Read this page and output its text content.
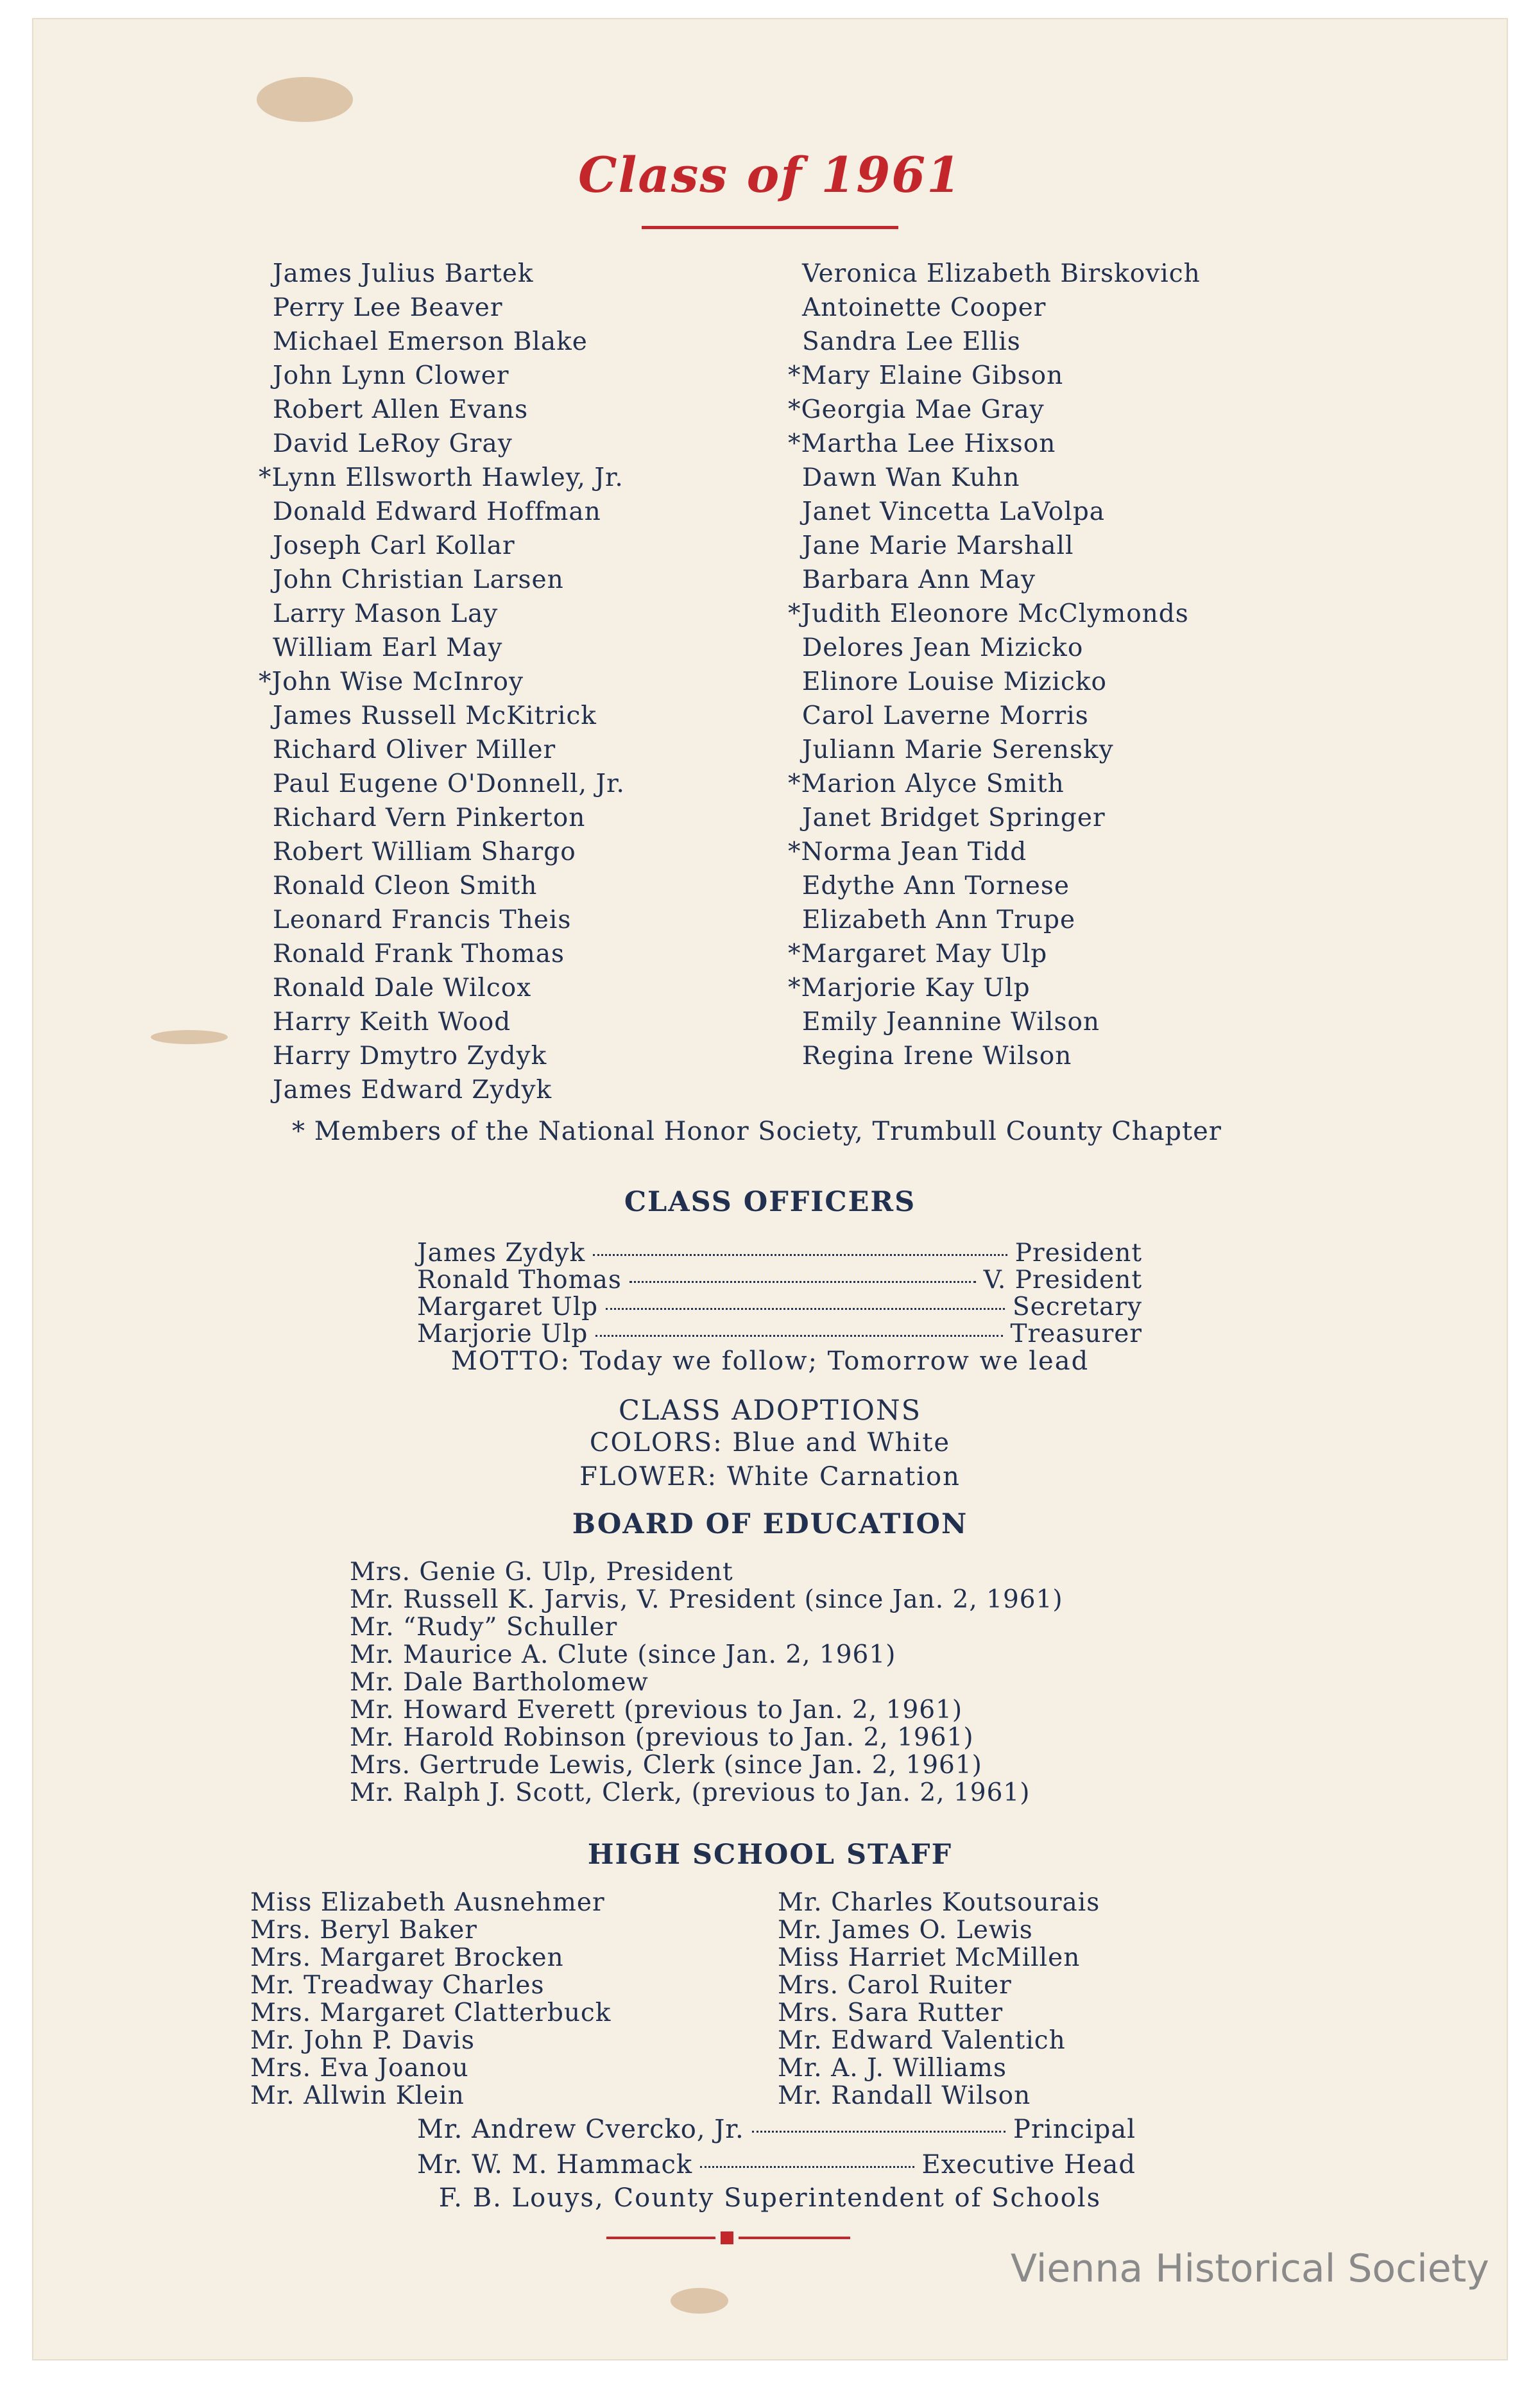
Class of 1961
James Julius Bartek
Perry Lee Beaver
Michael Emerson Blake
John Lynn Clower
Robert Allen Evans
David LeRoy Gray
*Lynn Ellsworth Hawley, Jr.
Donald Edward Hoffman
Joseph Carl Kollar
John Christian Larsen
Larry Mason Lay
William Earl May
*John Wise McInroy
James Russell McKitrick
Richard Oliver Miller
Paul Eugene O'Donnell, Jr.
Richard Vern Pinkerton
Robert William Shargo
Ronald Cleon Smith
Leonard Francis Theis
Ronald Frank Thomas
Ronald Dale Wilcox
Harry Keith Wood
Harry Dmytro Zydyk
James Edward Zydyk
Veronica Elizabeth Birskovich
Antoinette Cooper
Sandra Lee Ellis
*Mary Elaine Gibson
*Georgia Mae Gray
*Martha Lee Hixson
Dawn Wan Kuhn
Janet Vincetta LaVolpa
Jane Marie Marshall
Barbara Ann May
*Judith Eleonore McClymonds
Delores Jean Mizicko
Elinore Louise Mizicko
Carol Laverne Morris
Juliann Marie Serensky
*Marion Alyce Smith
Janet Bridget Springer
*Norma Jean Tidd
Edythe Ann Tornese
Elizabeth Ann Trupe
*Margaret May Ulp
*Marjorie Kay Ulp
Emily Jeannine Wilson
Regina Irene Wilson
* Members of the National Honor Society, Trumbull County Chapter
CLASS OFFICERS
James Zydyk	President
Ronald Thomas	V. President
Margaret Ulp	Secretary
Marjorie Ulp	Treasurer
MOTTO: Today we follow; Tomorrow we lead
CLASS ADOPTIONS
COLORS: Blue and White
FLOWER: White Carnation
BOARD OF EDUCATION
Mrs. Genie G. Ulp, President
Mr. Russell K. Jarvis, V. President (since Jan. 2, 1961)
Mr. “Rudy” Schuller
Mr. Maurice A. Clute (since Jan. 2, 1961)
Mr. Dale Bartholomew
Mr. Howard Everett (previous to Jan. 2, 1961)
Mr. Harold Robinson (previous to Jan. 2, 1961)
Mrs. Gertrude Lewis, Clerk (since Jan. 2, 1961)
Mr. Ralph J. Scott, Clerk, (previous to Jan. 2, 1961)
HIGH SCHOOL STAFF
Miss Elizabeth Ausnehmer
Mrs. Beryl Baker
Mrs. Margaret Brocken
Mr. Treadway Charles
Mrs. Margaret Clatterbuck
Mr. John P. Davis
Mrs. Eva Joanou
Mr. Allwin Klein
Mr. Charles Koutsourais
Mr. James O. Lewis
Miss Harriet McMillen
Mrs. Carol Ruiter
Mrs. Sara Rutter
Mr. Edward Valentich
Mr. A. J. Williams
Mr. Randall Wilson
Mr. Andrew Cvercko, Jr.	Principal
Mr. W. M. Hammack	Executive Head
F. B. Louys, County Superintendent of Schools
Vienna Historical Society
